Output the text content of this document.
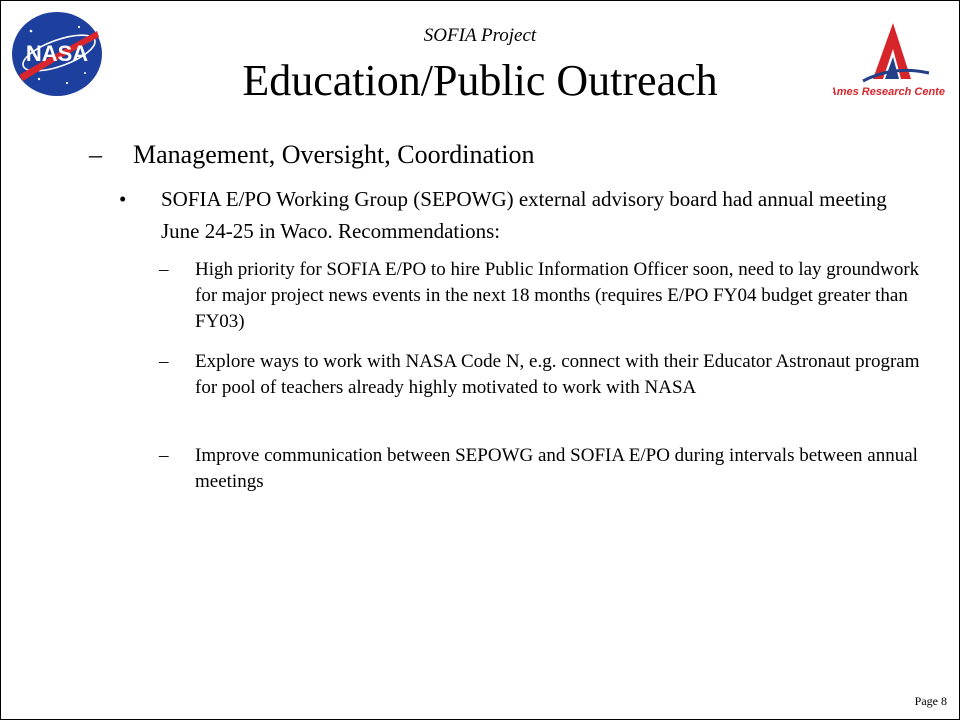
NASA
Ames Research Center
SOFIA Project
Education/Public Outreach
– Management, Oversight, Coordination
• SOFIA E/PO Working Group (SEPOWG) external advisory board had annual meeting June 24-25 in Waco. Recommendations:
– High priority for SOFIA E/PO to hire Public Information Officer soon, need to lay groundwork for major project news events in the next 18 months (requires E/PO FY04 budget greater than FY03)
– Explore ways to work with NASA Code N, e.g. connect with their Educator Astronaut program for pool of teachers already highly motivated to work with NASA
– Improve communication between SEPOWG and SOFIA E/PO during intervals between annual meetings
Page 8
